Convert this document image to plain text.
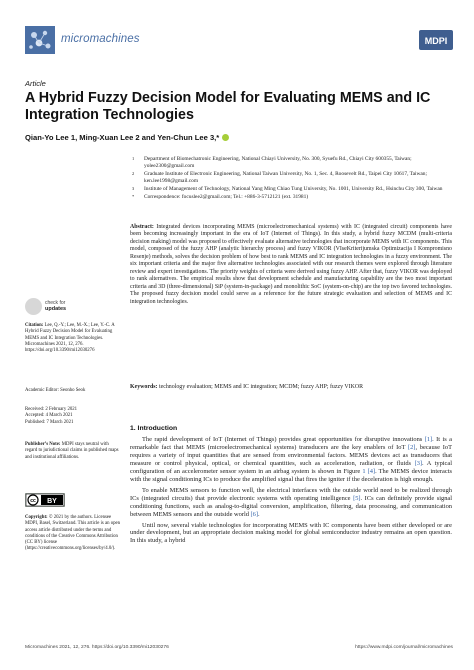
micromachines	MDPI
Article
A Hybrid Fuzzy Decision Model for Evaluating MEMS and IC Integration Technologies
Qian-Yo Lee 1, Ming-Xuan Lee 2 and Yen-Chun Lee 3,*
1 Department of Biomechatronic Engineering, National Chiayi University, No. 300, Syuefu Rd., Chiayi City 600355, Taiwan; yolee2300@gmail.com
2 Graduate Institute of Electronic Engineering, National Taiwan University, No. 1, Sec. 4, Roosevelt Rd., Taipei City 10617, Taiwan; ken.lee1998@gmail.com
3 Institute of Management of Technology, National Yang Ming Chiao Tung University, No. 1001, University Rd., Hsinchu City 300, Taiwan
* Correspondence: focuslee2@gmail.com; Tel.: +886-3-5712121 (ext. 31981)
Abstract: Integrated devices incorporating MEMS (microelectromechanical systems) with IC (integrated circuit) components have been becoming increasingly important in the era of IoT (Internet of Things). In this study, a hybrid fuzzy MCDM (multi-criteria decision making) model was proposed to effectively evaluate alternative technologies that incorporate MEMS with IC components. This model, composed of the fuzzy AHP (analytic hierarchy process) and fuzzy VIKOR (VIseKriterijumska Optimizacija I Kompromisno Resenje) methods, solves the decision problem of how best to rank MEMS and IC integration technologies in a fuzzy environment. The six important criteria and the major five alternative technologies associated with our research themes were explored through literature review and expert investigations. The priority weights of criteria were derived using fuzzy AHP. After that, fuzzy VIKOR was deployed to rank alternatives. The empirical results show that development schedule and manufacturing capability are the two most important criteria and 3D (three-dimensional) SiP (system-in-package) and monolithic SoC (system-on-chip) are the top two favored technologies. The proposed fuzzy decision model could serve as a reference for the future strategic evaluation and selection of MEMS and IC integration technologies.
Keywords: technology evaluation; MEMS and IC integration; MCDM; fuzzy AHP; fuzzy VIKOR
check for
updates
Citation: Lee, Q.-Y.; Lee, M.-X.; Lee, Y.-C. A Hybrid Fuzzy Decision Model for Evaluating MEMS and IC Integration Technologies. Micromachines 2021, 12, 276. https://doi.org/10.3390/mi12030276
Academic Editor: Seonho Seok
Received: 2 February 2021
Accepted: 4 March 2021
Published: 7 March 2021
Publisher’s Note: MDPI stays neutral with regard to jurisdictional claims in published maps and institutional affiliations.
cc BY
Copyright: © 2021 by the authors. Licensee MDPI, Basel, Switzerland. This article is an open access article distributed under the terms and conditions of the Creative Commons Attribution (CC BY) license (https://creativecommons.org/licenses/by/4.0/).
1. Introduction

The rapid development of IoT (Internet of Things) provides great opportunities for disruptive innovations [1]. It is a remarkable fact that MEMS (microelectromechanical systems) transducers are the key enablers of IoT [2], because IoT requires a variety of input quantities that are sensed from environmental factors. MEMS devices act as transducers that measure or control physical, optical, or chemical quantities, such as acceleration, radiation, or fluids [3]. A typical configuration of an accelerometer sensor system in an airbag system is shown in Figure 1 [4]. The MEMS device interacts with the signal conditioning ICs to produce the amplified signal that fires the igniter if the deceleration is high enough.

To enable MEMS sensors to function well, the electrical interfaces with the outside world need to be realized through ICs (integrated circuits) that provide electronic systems with operating intelligence [5]. ICs can definitely provide signal conditioning functions, such as analog-to-digital conversion, amplification, filtering, data processing, and communication between MEMS sensors and the outside world [6].

Until now, several viable technologies for incorporating MEMS with IC components have been either developed or are under development, but an appropriate decision making model for global semiconductor industry remains an open question. In this study, a hybrid

Micromachines 2021, 12, 276. https://doi.org/10.3390/mi12030276	https://www.mdpi.com/journal/micromachines
